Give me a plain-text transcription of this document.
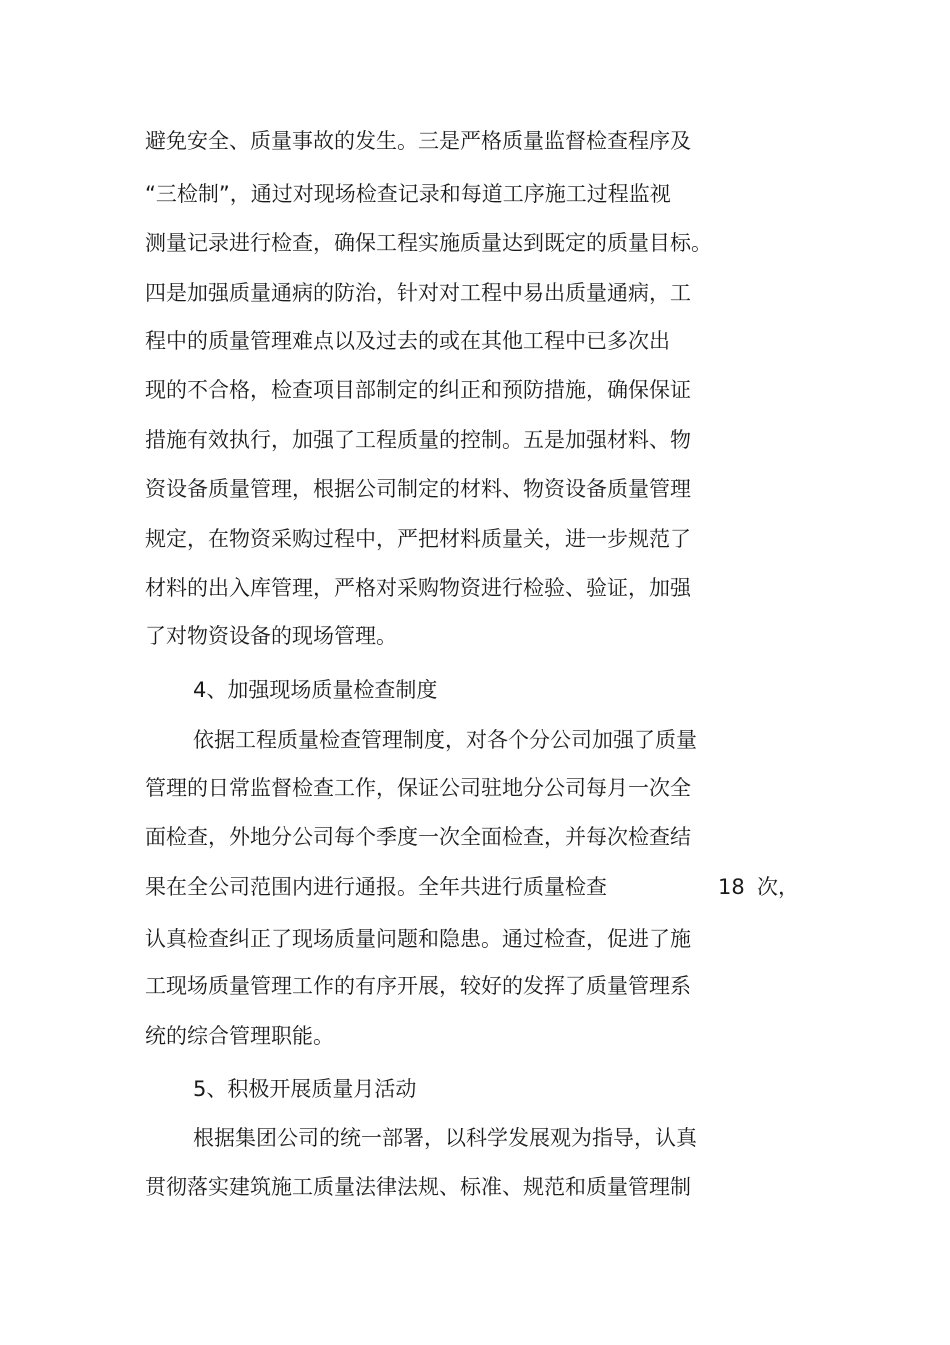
避免安全、质量事故的发生。三是严格质量监督检查程序及
“三检制”，通过对现场检查记录和每道工序施工过程监视
测量记录进行检查，确保工程实施质量达到既定的质量目标。
四是加强质量通病的防治，针对对工程中易出质量通病，工
程中的质量管理难点以及过去的或在其他工程中已多次出
现的不合格，检查项目部制定的纠正和预防措施，确保保证
措施有效执行，加强了工程质量的控制。五是加强材料、物
资设备质量管理，根据公司制定的材料、物资设备质量管理
规定，在物资采购过程中，严把材料质量关，进一步规范了
材料的出入库管理，严格对采购物资进行检验、验证，加强
了对物资设备的现场管理。
4、加强现场质量检查制度
依据工程质量检查管理制度，对各个分公司加强了质量
管理的日常监督检查工作，保证公司驻地分公司每月一次全
面检查，外地分公司每个季度一次全面检查，并每次检查结
果在全公司范围内进行通报。全年共进行质量检查	18 次，
认真检查纠正了现场质量问题和隐患。通过检查，促进了施
工现场质量管理工作的有序开展，较好的发挥了质量管理系
统的综合管理职能。
5、积极开展质量月活动
根据集团公司的统一部署，以科学发展观为指导，认真
贯彻落实建筑施工质量法律法规、标准、规范和质量管理制
